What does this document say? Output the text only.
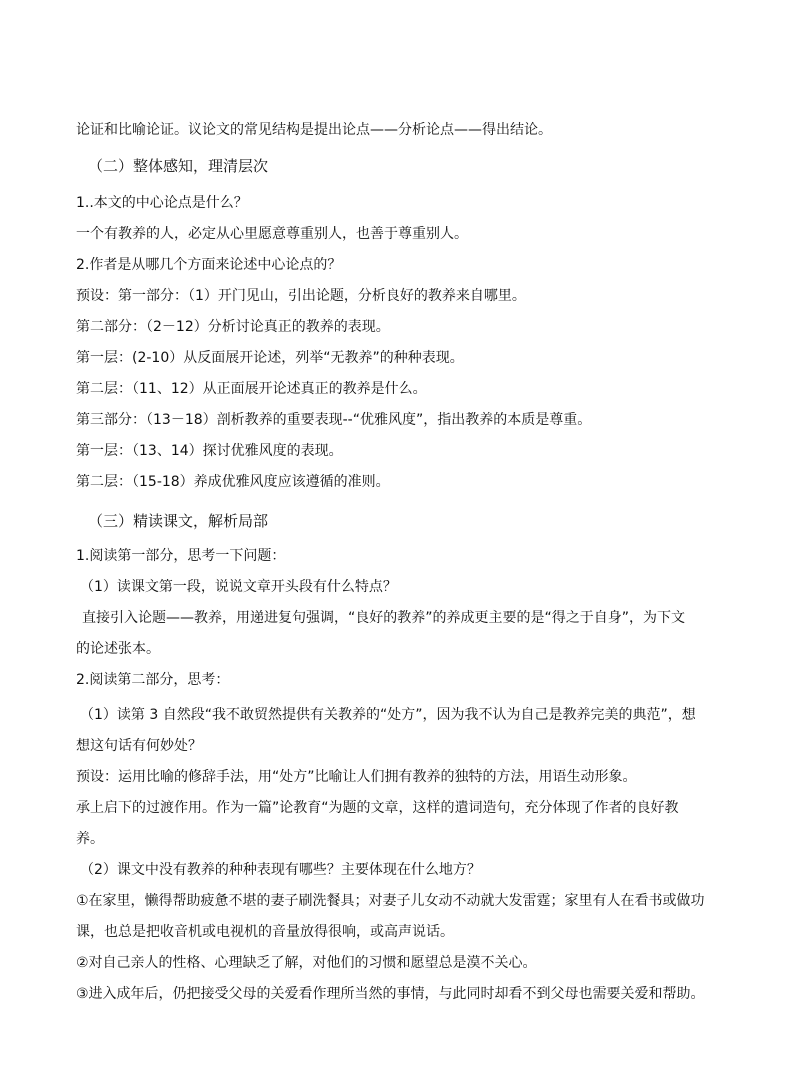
论证和比喻论证。议论文的常见结构是提出论点——分析论点——得出结论。
（二）整体感知，理清层次
1..本文的中心论点是什么？
一个有教养的人，必定从心里愿意尊重别人，也善于尊重别人。
2.作者是从哪几个方面来论述中心论点的？
预设：第一部分：（1）开门见山，引出论题，分析良好的教养来自哪里。
第二部分：（2－12）分析讨论真正的教养的表现。
第一层：(2-10）从反面展开论述，列举“无教养”的种种表现。
第二层：（11、12）从正面展开论述真正的教养是什么。
第三部分：（13－18）剖析教养的重要表现--“优雅风度”，指出教养的本质是尊重。
第一层：（13、14）探讨优雅风度的表现。
第二层：（15-18）养成优雅风度应该遵循的准则。
（三）精读课文，解析局部
1.阅读第一部分，思考一下问题：
（1）读课文第一段，说说文章开头段有什么特点？
直接引入论题——教养，用递进复句强调，“良好的教养”的养成更主要的是“得之于自身”，为下文
的论述张本。
2.阅读第二部分，思考：
（1）读第 3 自然段“我不敢贸然提供有关教养的“处方”，因为我不认为自己是教养完美的典范”，想
想这句话有何妙处？
预设：运用比喻的修辞手法，用“处方”比喻让人们拥有教养的独特的方法，用语生动形象。
承上启下的过渡作用。作为一篇”论教育“为题的文章，这样的遣词造句，充分体现了作者的良好教
养。
（2）课文中没有教养的种种表现有哪些？主要体现在什么地方？
①在家里，懒得帮助疲惫不堪的妻子刷洗餐具；对妻子儿女动不动就大发雷霆；家里有人在看书或做功
课，也总是把收音机或电视机的音量放得很响，或高声说话。
②对自己亲人的性格、心理缺乏了解，对他们的习惯和愿望总是漠不关心。
③进入成年后，仍把接受父母的关爱看作理所当然的事情，与此同时却看不到父母也需要关爱和帮助。
